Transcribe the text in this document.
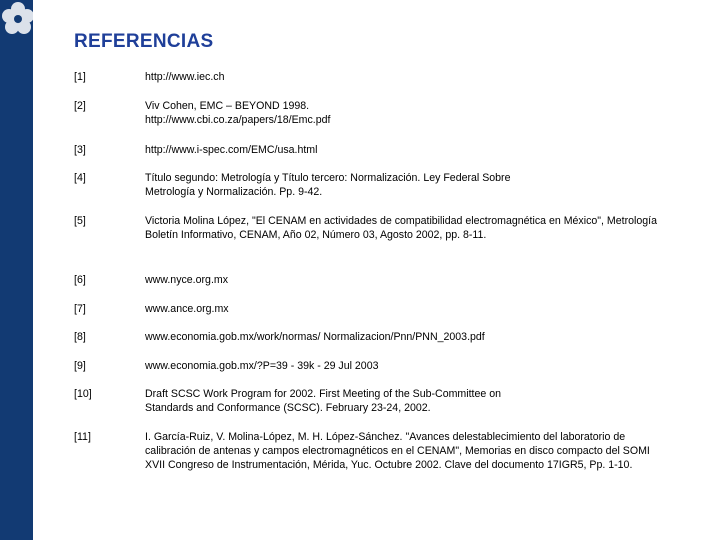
REFERENCIAS
[1]	http://www.iec.ch
[2]	Viv Cohen, EMC – BEYOND 1998. http://www.cbi.co.za/papers/18/Emc.pdf
[3]	http://www.i-spec.com/EMC/usa.html
[4]	Título segundo: Metrología y Título tercero: Normalización. Ley Federal Sobre Metrología y Normalización. Pp. 9-42.
[5]	Victoria Molina López, "El CENAM en actividades de compatibilidad electromagnética en México", Metrología Boletín Informativo, CENAM, Año 02, Número 03, Agosto 2002, pp. 8-11.
[6]	www.nyce.org.mx
[7]	www.ance.org.mx
[8]	www.economia.gob.mx/work/normas/ Normalizacion/Pnn/PNN_2003.pdf
[9]	www.economia.gob.mx/?P=39 - 39k - 29 Jul 2003
[10]	Draft SCSC Work Program for 2002. First Meeting of the Sub-Committee on Standards and Conformance (SCSC). February 23-24, 2002.
[11]	I. García-Ruiz, V. Molina-López, M. H. López-Sánchez. "Avances delestablecimiento del laboratorio de calibración de antenas y campos electromagnéticos en el CENAM", Memorias en disco compacto del SOMI XVII Congreso de Instrumentación, Mérida, Yuc. Octubre 2002. Clave del documento 17IGR5, Pp. 1-10.
